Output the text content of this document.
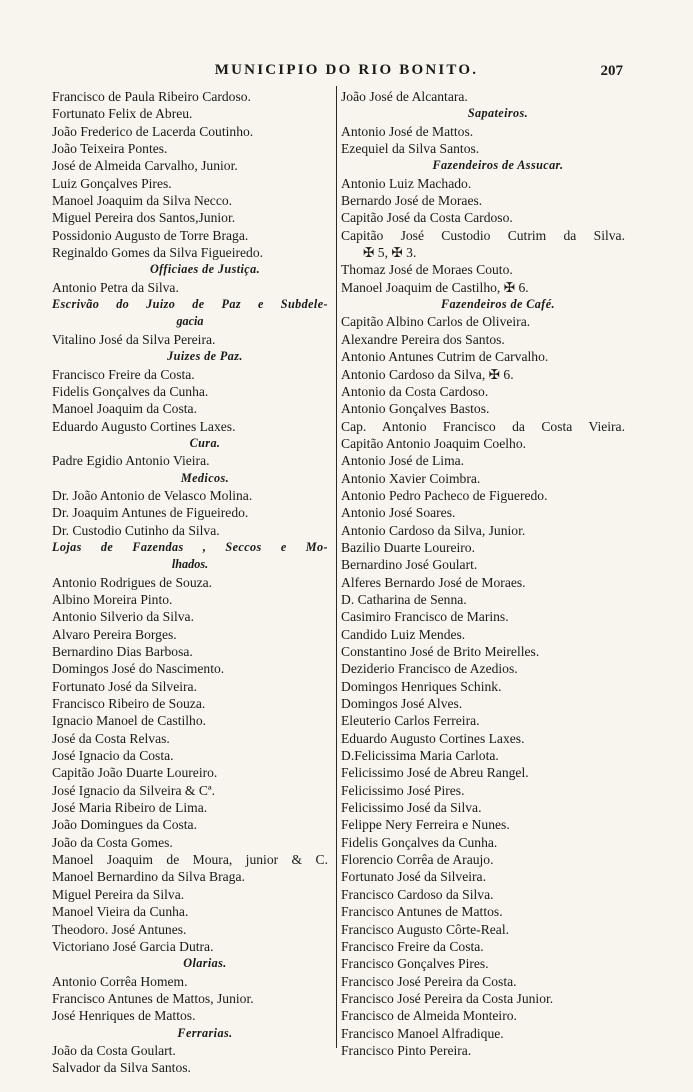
MUNICIPIO DO RIO BONITO.	207
Francisco de Paula Ribeiro Cardoso.
Fortunato Felix de Abreu.
João Frederico de Lacerda Coutinho.
João Teixeira Pontes.
José de Almeida Carvalho, Junior.
Luiz Gonçalves Pires.
Manoel Joaquim da Silva Necco.
Miguel Pereira dos Santos,Junior.
Possidonio Augusto de Torre Braga.
Reginaldo Gomes da Silva Figueiredo.
Officiaes de Justiça.
Antonio Petra da Silva.
Escrivão do Juizo de Paz e Subdele-
gacia
Vitalino José da Silva Pereira.
Juizes de Paz.
Francisco Freire da Costa.
Fidelis Gonçalves da Cunha.
Manoel Joaquim da Costa.
Eduardo Augusto Cortines Laxes.
Cura.
Padre Egidio Antonio Vieira.
Medicos.
Dr. João Antonio de Velasco Molina.
Dr. Joaquim Antunes de Figueiredo.
Dr. Custodio Cutinho da Silva.
Lojas de Fazendas , Seccos e Mo-
lhados.
Antonio Rodrigues de Souza.
Albino Moreira Pinto.
Antonio Silverio da Silva.
Alvaro Pereira Borges.
Bernardino Dias Barbosa.
Domingos José do Nascimento.
Fortunato José da Silveira.
Francisco Ribeiro de Souza.
Ignacio Manoel de Castilho.
José da Costa Relvas.
José Ignacio da Costa.
Capitão João Duarte Loureiro.
José Ignacio da Silveira & Cª.
José Maria Ribeiro de Lima.
João Domingues da Costa.
João da Costa Gomes.
Manoel Joaquim de Moura, junior & C.
Manoel Bernardino da Silva Braga.
Miguel Pereira da Silva.
Manoel Vieira da Cunha.
Theodoro. José Antunes.
Victoriano José Garcia Dutra.
Olarias.
Antonio Corrêa Homem.
Francisco Antunes de Mattos, Junior.
José Henriques de Mattos.
Ferrarias.
João da Costa Goulart.
Salvador da Silva Santos.
João José de Alcantara.
Sapateiros.
Antonio José de Mattos.
Ezequiel da Silva Santos.
Fazendeiros de Assucar.
Antonio Luiz Machado.
Bernardo José de Moraes.
Capitão José da Costa Cardoso.
Capitão José Custodio Cutrim da Silva.
✠ 5, ✠ 3.
Thomaz José de Moraes Couto.
Manoel Joaquim de Castilho, ✠ 6.
Fazendeiros de Café.
Capitão Albino Carlos de Oliveira.
Alexandre Pereira dos Santos.
Antonio Antunes Cutrim de Carvalho.
Antonio Cardoso da Silva, ✠ 6.
Antonio da Costa Cardoso.
Antonio Gonçalves Bastos.
Cap. Antonio Francisco da Costa Vieira.
Capitão Antonio Joaquim Coelho.
Antonio José de Lima.
Antonio Xavier Coimbra.
Antonio Pedro Pacheco de Figueredo.
Antonio José Soares.
Antonio Cardoso da Silva, Junior.
Bazilio Duarte Loureiro.
Bernardino José Goulart.
Alferes Bernardo José de Moraes.
D. Catharina de Senna.
Casimiro Francisco de Marins.
Candido Luiz Mendes.
Constantino José de Brito Meirelles.
Deziderio Francisco de Azedios.
Domingos Henriques Schink.
Domingos José Alves.
Eleuterio Carlos Ferreira.
Eduardo Augusto Cortines Laxes.
D.Felicissima Maria Carlota.
Felicissimo José de Abreu Rangel.
Felicissimo José Pires.
Felicissimo José da Silva.
Felippe Nery Ferreira e Nunes.
Fidelis Gonçalves da Cunha.
Florencio Corrêa de Araujo.
Fortunato José da Silveira.
Francisco Cardoso da Silva.
Francisco Antunes de Mattos.
Francisco Augusto Côrte-Real.
Francisco Freire da Costa.
Francisco Gonçalves Pires.
Francisco José Pereira da Costa.
Francisco José Pereira da Costa Junior.
Francisco de Almeida Monteiro.
Francisco Manoel Alfradique.
Francisco Pinto Pereira.
